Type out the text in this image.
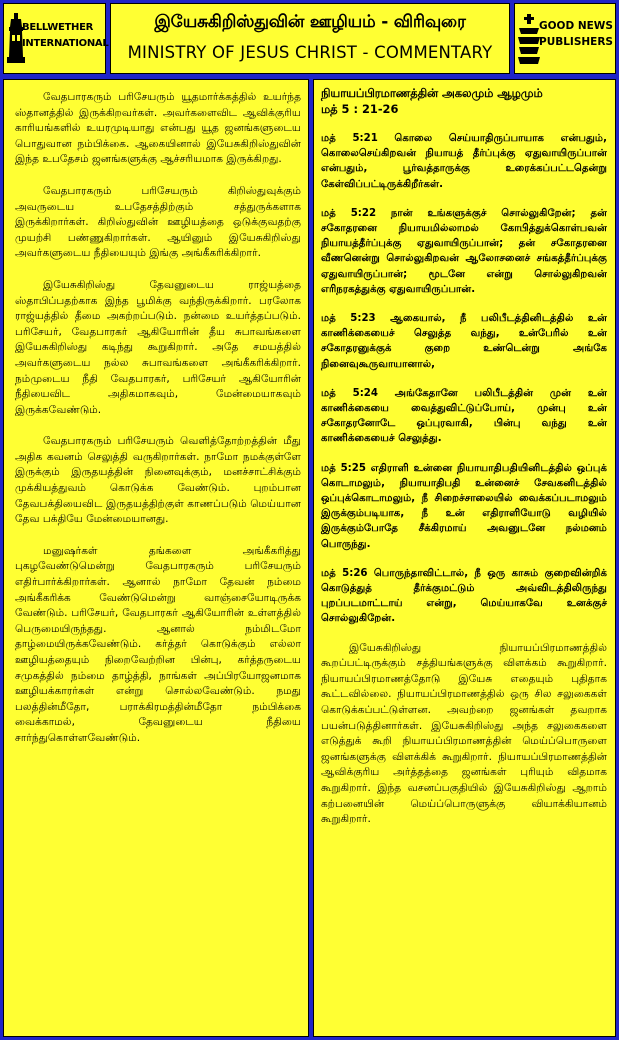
BELLWETHER INTERNATIONAL
இயேசுகிறிஸ்துவின் ஊழியம் - விரிவுரை
MINISTRY OF JESUS CHRIST - COMMENTARY
GOOD NEWS PUBLISHERS

வேதபாரகரும் பரிசேயரும் யூதமார்க்கத்தில் உயர்ந்த ஸ்தானத்தில் இருக்கிறவர்கள். அவர்களைவிட ஆவிக்குரிய காரியங்களில் உயரமுடியாது என்பது யூத ஜனங்களுடைய பொதுவான நம்பிக்கை. ஆகையினால் இயேசுகிறிஸ்துவின் இந்த உபதேசம் ஜனங்களுக்கு ஆச்சரியமாக இருக்கிறது.

வேதபாரகரும் பரிசேயரும் கிறிஸ்துவுக்கும் அவருடைய உபதேசத்திற்கும் சத்துருக்களாக இருக்கிறார்கள். கிறிஸ்துவின் ஊழியத்தை ஒடுக்குவதற்கு முயற்சி பண்ணுகிறார்கள். ஆயினும் இயேசுகிறிஸ்து அவர்களுடைய நீதியையும் இங்கு அங்கீகரிக்கிறார்.

இயேசுகிறிஸ்து தேவனுடைய ராஜ்யத்தை ஸ்தாபிப்பதற்காக இந்த பூமிக்கு வந்திருக்கிறார். பரலோக ராஜ்யத்தில் தீமை அகற்றப்படும். நன்மை உயர்த்தப்படும். பரிசேயர், வேதபாரகர் ஆகியோரின் தீய சுபாவங்களை இயேசுகிறிஸ்து கடிந்து கூறுகிறார். அதே சமயத்தில் அவர்களுடைய நல்ல சுபாவங்களை அங்கீகரிக்கிறார். நம்முடைய நீதி வேதபாரகர், பரிசேயர் ஆகியோரின் நீதியைவிட அதிகமாகவும், மேன்மையாகவும் இருக்கவேண்டும்.

வேதபாரகரும் பரிசேயரும் வெளித்தோற்றத்தின் மீது அதிக கவனம் செலுத்தி வருகிறார்கள். நாமோ நமக்குள்ளே இருக்கும் இருதயத்தின் நினைவுக்கும், மனச்சாட்சிக்கும் முக்கியத்துவம் கொடுக்க வேண்டும். புறம்பான தேவபக்தியைவிட இருதயத்திற்குள் காணப்படும் மெய்யான தேவ பக்தியே மேன்மையானது.

மனுஷர்கள் தங்களை அங்கீகரித்து புகழவேண்டுமென்று வேதபாரகரும் பரிசேயரும் எதிர்பார்க்கிறார்கள். ஆனால் நாமோ தேவன் நம்மை அங்கீகரிக்க வேண்டுமென்று வாஞ்சையோடிருக்க வேண்டும். பரிசேயர், வேதபாரகர் ஆகியோரின் உள்ளத்தில் பெருமையிருந்தது. ஆனால் நம்மிடமோ தாழ்மையிருக்கவேண்டும். கர்த்தர் கொடுக்கும் எல்லா ஊழியத்தையும் நிறைவேற்றின பின்பு, கர்த்தருடைய சமுகத்தில் நம்மை தாழ்த்தி, நாங்கள் அப்பிரயோஜனமாக ஊழியக்காரர்கள் என்று சொல்லவேண்டும். நமது பலத்தின்மீதோ, பராக்கிரமத்தின்மீதோ நம்பிக்கை வைக்காமல், தேவனுடைய நீதியை சார்ந்துகொள்ளவேண்டும்.

நியாயப்பிரமாணத்தின் அகலமும் ஆழமும்
மத் 5 : 21-26

மத் 5:21 கொலை செய்யாதிருப்பாயாக என்பதும், கொலைசெய்கிறவன் நியாயத் தீர்ப்புக்கு ஏதுவாயிருப்பான் என்பதும், பூர்வத்தாருக்கு உரைக்கப்பட்டதென்று கேள்விப்பட்டிருக்கிறீர்கள்.

மத் 5:22 நான் உங்களுக்குச் சொல்லுகிறேன்; தன் சகோதரனை நியாயமில்லாமல் கோபித்துக்கொள்பவன் நியாயத்தீர்ப்புக்கு ஏதுவாயிருப்பான்; தன் சகோதரனை வீணனென்று சொல்லுகிறவன் ஆலோசனைச் சங்கத்தீர்ப்புக்கு ஏதுவாயிருப்பான்; மூடனே என்று சொல்லுகிறவன் எரிநரகத்துக்கு ஏதுவாயிருப்பான்.

மத் 5:23 ஆகையால், நீ பலிபீடத்தினிடத்தில் உன் காணிக்கையைச் செலுத்த வந்து, உன்பேரில் உன் சகோதரனுக்குக் குறை உண்டென்று அங்கே நினைவுகூருவாயானால்,

மத் 5:24 அங்கேதானே பலிபீடத்தின் முன் உன் காணிக்கையை வைத்துவிட்டுப்போய், முன்பு உன் சகோதரனோடே ஒப்புரவாகி, பின்பு வந்து உன் காணிக்கையைச் செலுத்து.

மத் 5:25 எதிராளி உன்னை நியாயாதிபதியினிடத்தில் ஒப்புக் கொடாமலும், நியாயாதிபதி உன்னைச் சேவகனிடத்தில் ஒப்புக்கொடாமலும், நீ சிறைச்சாலையில் வைக்கப்படாமலும் இருக்கும்படியாக, நீ உன் எதிராளியோடு வழியில் இருக்கும்போதே சீக்கிரமாய் அவனுடனே நல்மனம் பொருந்து.

மத் 5:26 பொருந்தாவிட்டால், நீ ஒரு காசும் குறைவின்றிக் கொடுத்துத் தீர்க்குமட்டும் அவ்விடத்திலிருந்து புறப்படமாட்டாய் என்று, மெய்யாகவே உனக்குச் சொல்லுகிறேன்.

இயேசுகிறிஸ்து நியாயப்பிரமாணத்தில் கூறப்பட்டிருக்கும் சத்தியங்களுக்கு விளக்கம் கூறுகிறார். நியாயப்பிரமாணத்தோடு இயேசு எதையும் புதிதாக கூட்டவில்லை. நியாயப்பிரமாணத்தில் ஒரு சில சலுகைகள் கொடுக்கப்பட்டுள்ளன. அவற்றை ஜனங்கள் தவறாக பயன்படுத்தினார்கள். இயேசுகிறிஸ்து அந்த சலுகைகளை எடுத்துக் கூறி நியாயப்பிரமாணத்தின் மெய்ப்பொருளை ஜனங்களுக்கு விளக்கிக் கூறுகிறார். நியாயப்பிரமாணத்தின் ஆவிக்குரிய அர்த்தத்தை ஜனங்கள் புரியும் விதமாக கூறுகிறார். இந்த வசனப்பகுதியில் இயேசுகிறிஸ்து ஆறாம் கற்பனையின் மெய்ப்பொருளுக்கு வியாக்கியானம் கூறுகிறார்.
